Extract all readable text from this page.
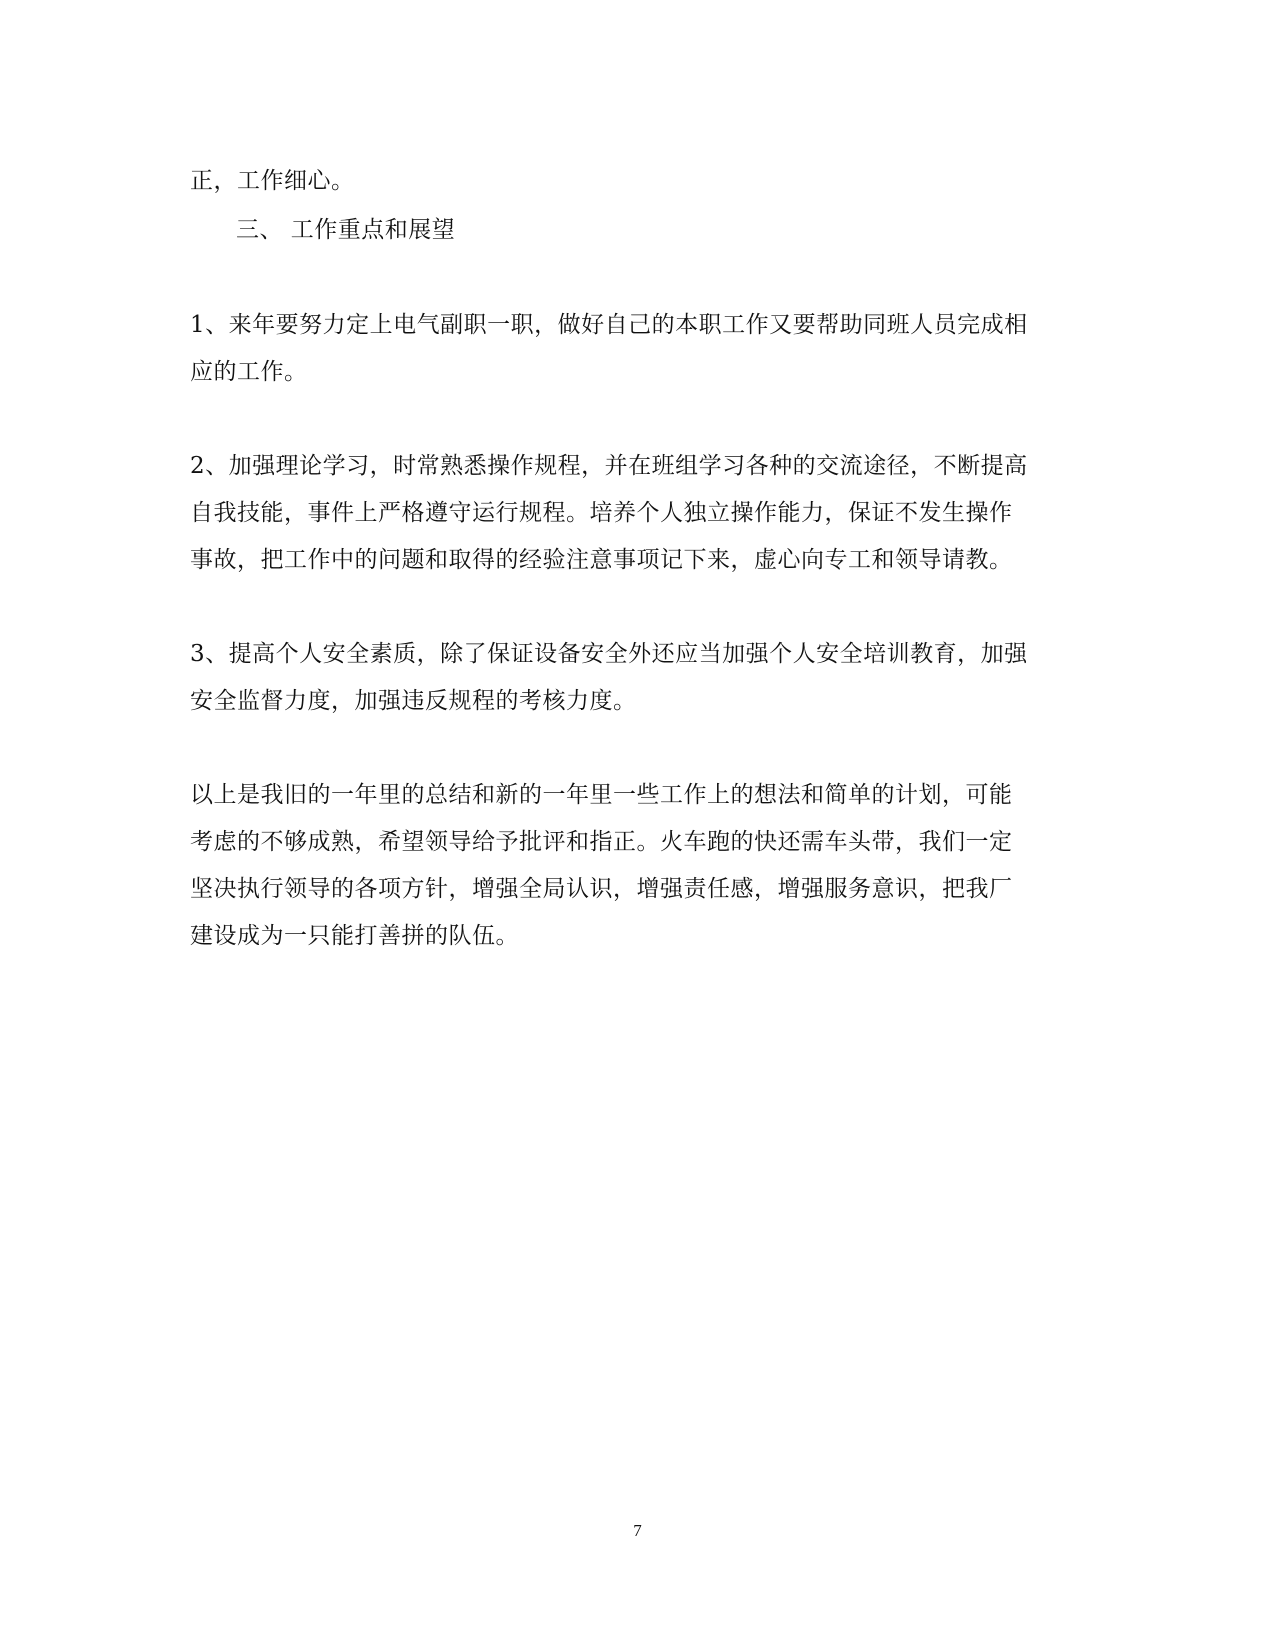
正，工作细心。
三、 工作重点和展望
1、来年要努力定上电气副职一职，做好自己的本职工作又要帮助同班人员完成相
应的工作。
2、加强理论学习，时常熟悉操作规程，并在班组学习各种的交流途径，不断提高
自我技能，事件上严格遵守运行规程。培养个人独立操作能力，保证不发生操作
事故，把工作中的问题和取得的经验注意事项记下来，虚心向专工和领导请教。
3、提高个人安全素质，除了保证设备安全外还应当加强个人安全培训教育，加强
安全监督力度，加强违反规程的考核力度。
以上是我旧的一年里的总结和新的一年里一些工作上的想法和简单的计划，可能
考虑的不够成熟，希望领导给予批评和指正。火车跑的快还需车头带，我们一定
坚决执行领导的各项方针，增强全局认识，增强责任感，增强服务意识，把我厂
建设成为一只能打善拼的队伍。
7
